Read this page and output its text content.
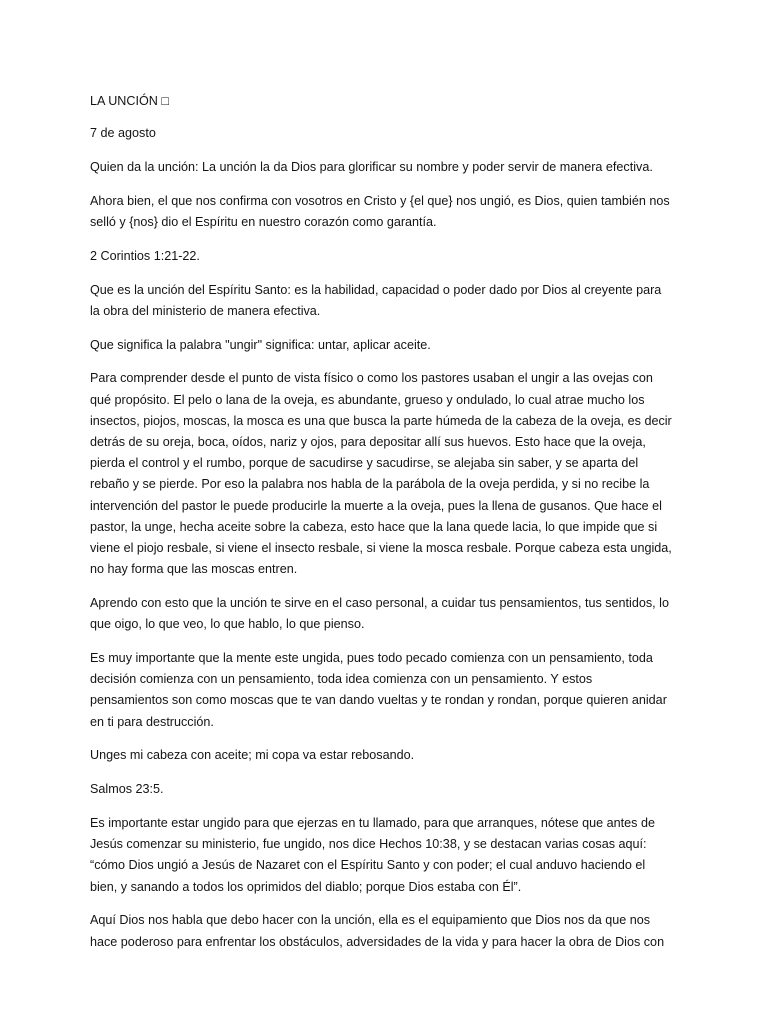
LA UNCIÓN □

7 de agosto

Quien da la unción: La unción la da Dios para glorificar su nombre y poder servir de manera efectiva.

Ahora bien, el que nos confirma con vosotros en Cristo y {el que} nos ungió, es Dios, quien también nos selló y {nos} dio el Espíritu en nuestro corazón como garantía.

2 Corintios 1:21-22.

Que es la unción del Espíritu Santo: es la habilidad, capacidad o poder dado por Dios al creyente para la obra del ministerio de manera efectiva.

Que significa la palabra "ungir" significa: untar, aplicar aceite.

Para comprender desde el punto de vista físico o como los pastores usaban el ungir a las ovejas con qué propósito. El pelo o lana de la oveja, es abundante, grueso y ondulado, lo cual atrae mucho los insectos, piojos, moscas, la mosca es una que busca la parte húmeda de la cabeza de la oveja, es decir detrás de su oreja, boca, oídos, nariz y ojos, para depositar allí sus huevos. Esto hace que la oveja, pierda el control y el rumbo, porque de sacudirse y sacudirse, se alejaba sin saber, y se aparta del rebaño y se pierde. Por eso la palabra nos habla de la parábola de la oveja perdida, y si no recibe la intervención del pastor le puede producirle la muerte a la oveja, pues la llena de gusanos. Que hace el pastor, la unge, hecha aceite sobre la cabeza, esto hace que la lana quede lacia, lo que impide que si viene el piojo resbale, si viene el insecto resbale, si viene la mosca resbale. Porque cabeza esta ungida, no hay forma que las moscas entren.

Aprendo con esto que la unción te sirve en el caso personal, a cuidar tus pensamientos, tus sentidos, lo que oigo, lo que veo, lo que hablo, lo que pienso.

Es muy importante que la mente este ungida, pues todo pecado comienza con un pensamiento, toda decisión comienza con un pensamiento, toda idea comienza con un pensamiento. Y estos pensamientos son como moscas que te van dando vueltas y te rondan y rondan, porque quieren anidar en ti para destrucción.

Unges mi cabeza con aceite; mi copa va estar rebosando.

Salmos 23:5.

Es importante estar ungido para que ejerzas en tu llamado, para que arranques, nótese que antes de Jesús comenzar su ministerio, fue ungido, nos dice Hechos 10:38, y se destacan varias cosas aquí: “cómo Dios ungió a Jesús de Nazaret con el Espíritu Santo y con poder; el cual anduvo haciendo el bien, y sanando a todos los oprimidos del diablo; porque Dios estaba con Él”.

Aquí Dios nos habla que debo hacer con la unción, ella es el equipamiento que Dios nos da que nos hace poderoso para enfrentar los obstáculos, adversidades de la vida y para hacer la obra de Dios con
